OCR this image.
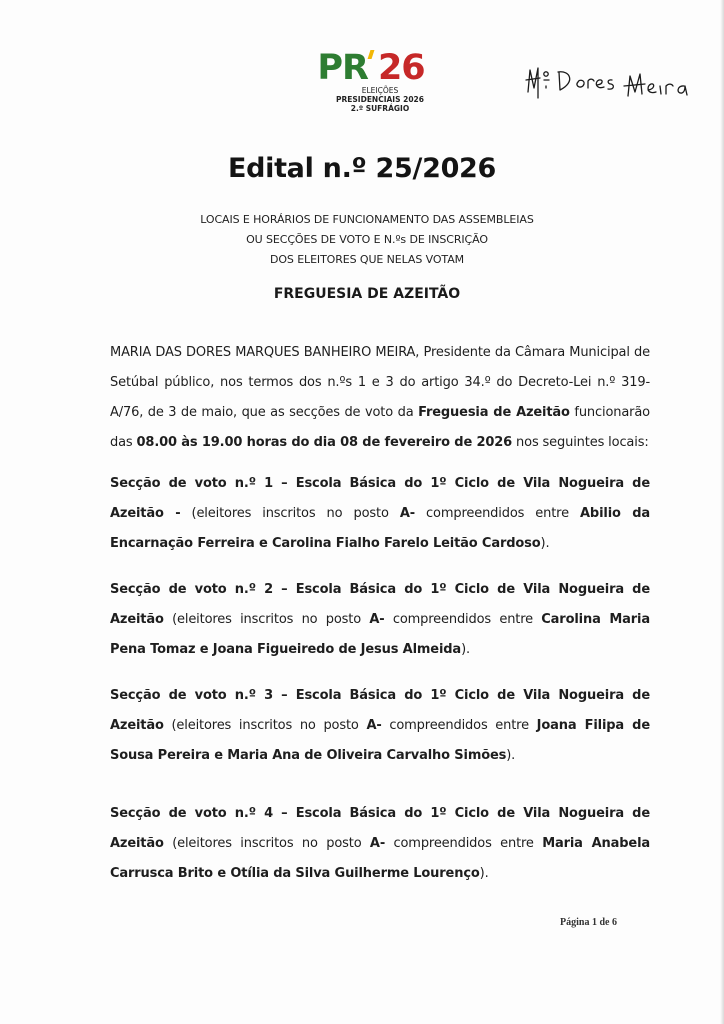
PR 26
ELEIÇÕES
PRESIDENCIAIS 2026
2.º SUFRÁGIO
Edital n.º 25/2026
LOCAIS E HORÁRIOS DE FUNCIONAMENTO DAS ASSEMBLEIAS
OU SECÇÕES DE VOTO E N.ºs DE INSCRIÇÃO
DOS ELEITORES QUE NELAS VOTAM
FREGUESIA DE AZEITÃO
MARIA DAS DORES MARQUES BANHEIRO MEIRA, Presidente da Câmara Municipal de Setúbal público, nos termos dos n.ºs 1 e 3 do artigo 34.º do Decreto-Lei n.º 319-A/76, de 3 de maio, que as secções de voto da Freguesia de Azeitão funcionarão das 08.00 às 19.00 horas do dia 08 de fevereiro de 2026 nos seguintes locais:
Secção de voto n.º 1 – Escola Básica do 1º Ciclo de Vila Nogueira de Azeitão - (eleitores inscritos no posto A- compreendidos entre Abilio da Encarnação Ferreira e Carolina Fialho Farelo Leitão Cardoso).
Secção de voto n.º 2 – Escola Básica do 1º Ciclo de Vila Nogueira de Azeitão (eleitores inscritos no posto A- compreendidos entre Carolina Maria Pena Tomaz e Joana Figueiredo de Jesus Almeida).
Secção de voto n.º 3 – Escola Básica do 1º Ciclo de Vila Nogueira de Azeitão (eleitores inscritos no posto A- compreendidos entre Joana Filipa de Sousa Pereira e Maria Ana de Oliveira Carvalho Simões).
Secção de voto n.º 4 – Escola Básica do 1º Ciclo de Vila Nogueira de Azeitão (eleitores inscritos no posto A- compreendidos entre Maria Anabela Carrusca Brito e Otília da Silva Guilherme Lourenço).
Página 1 de 6
